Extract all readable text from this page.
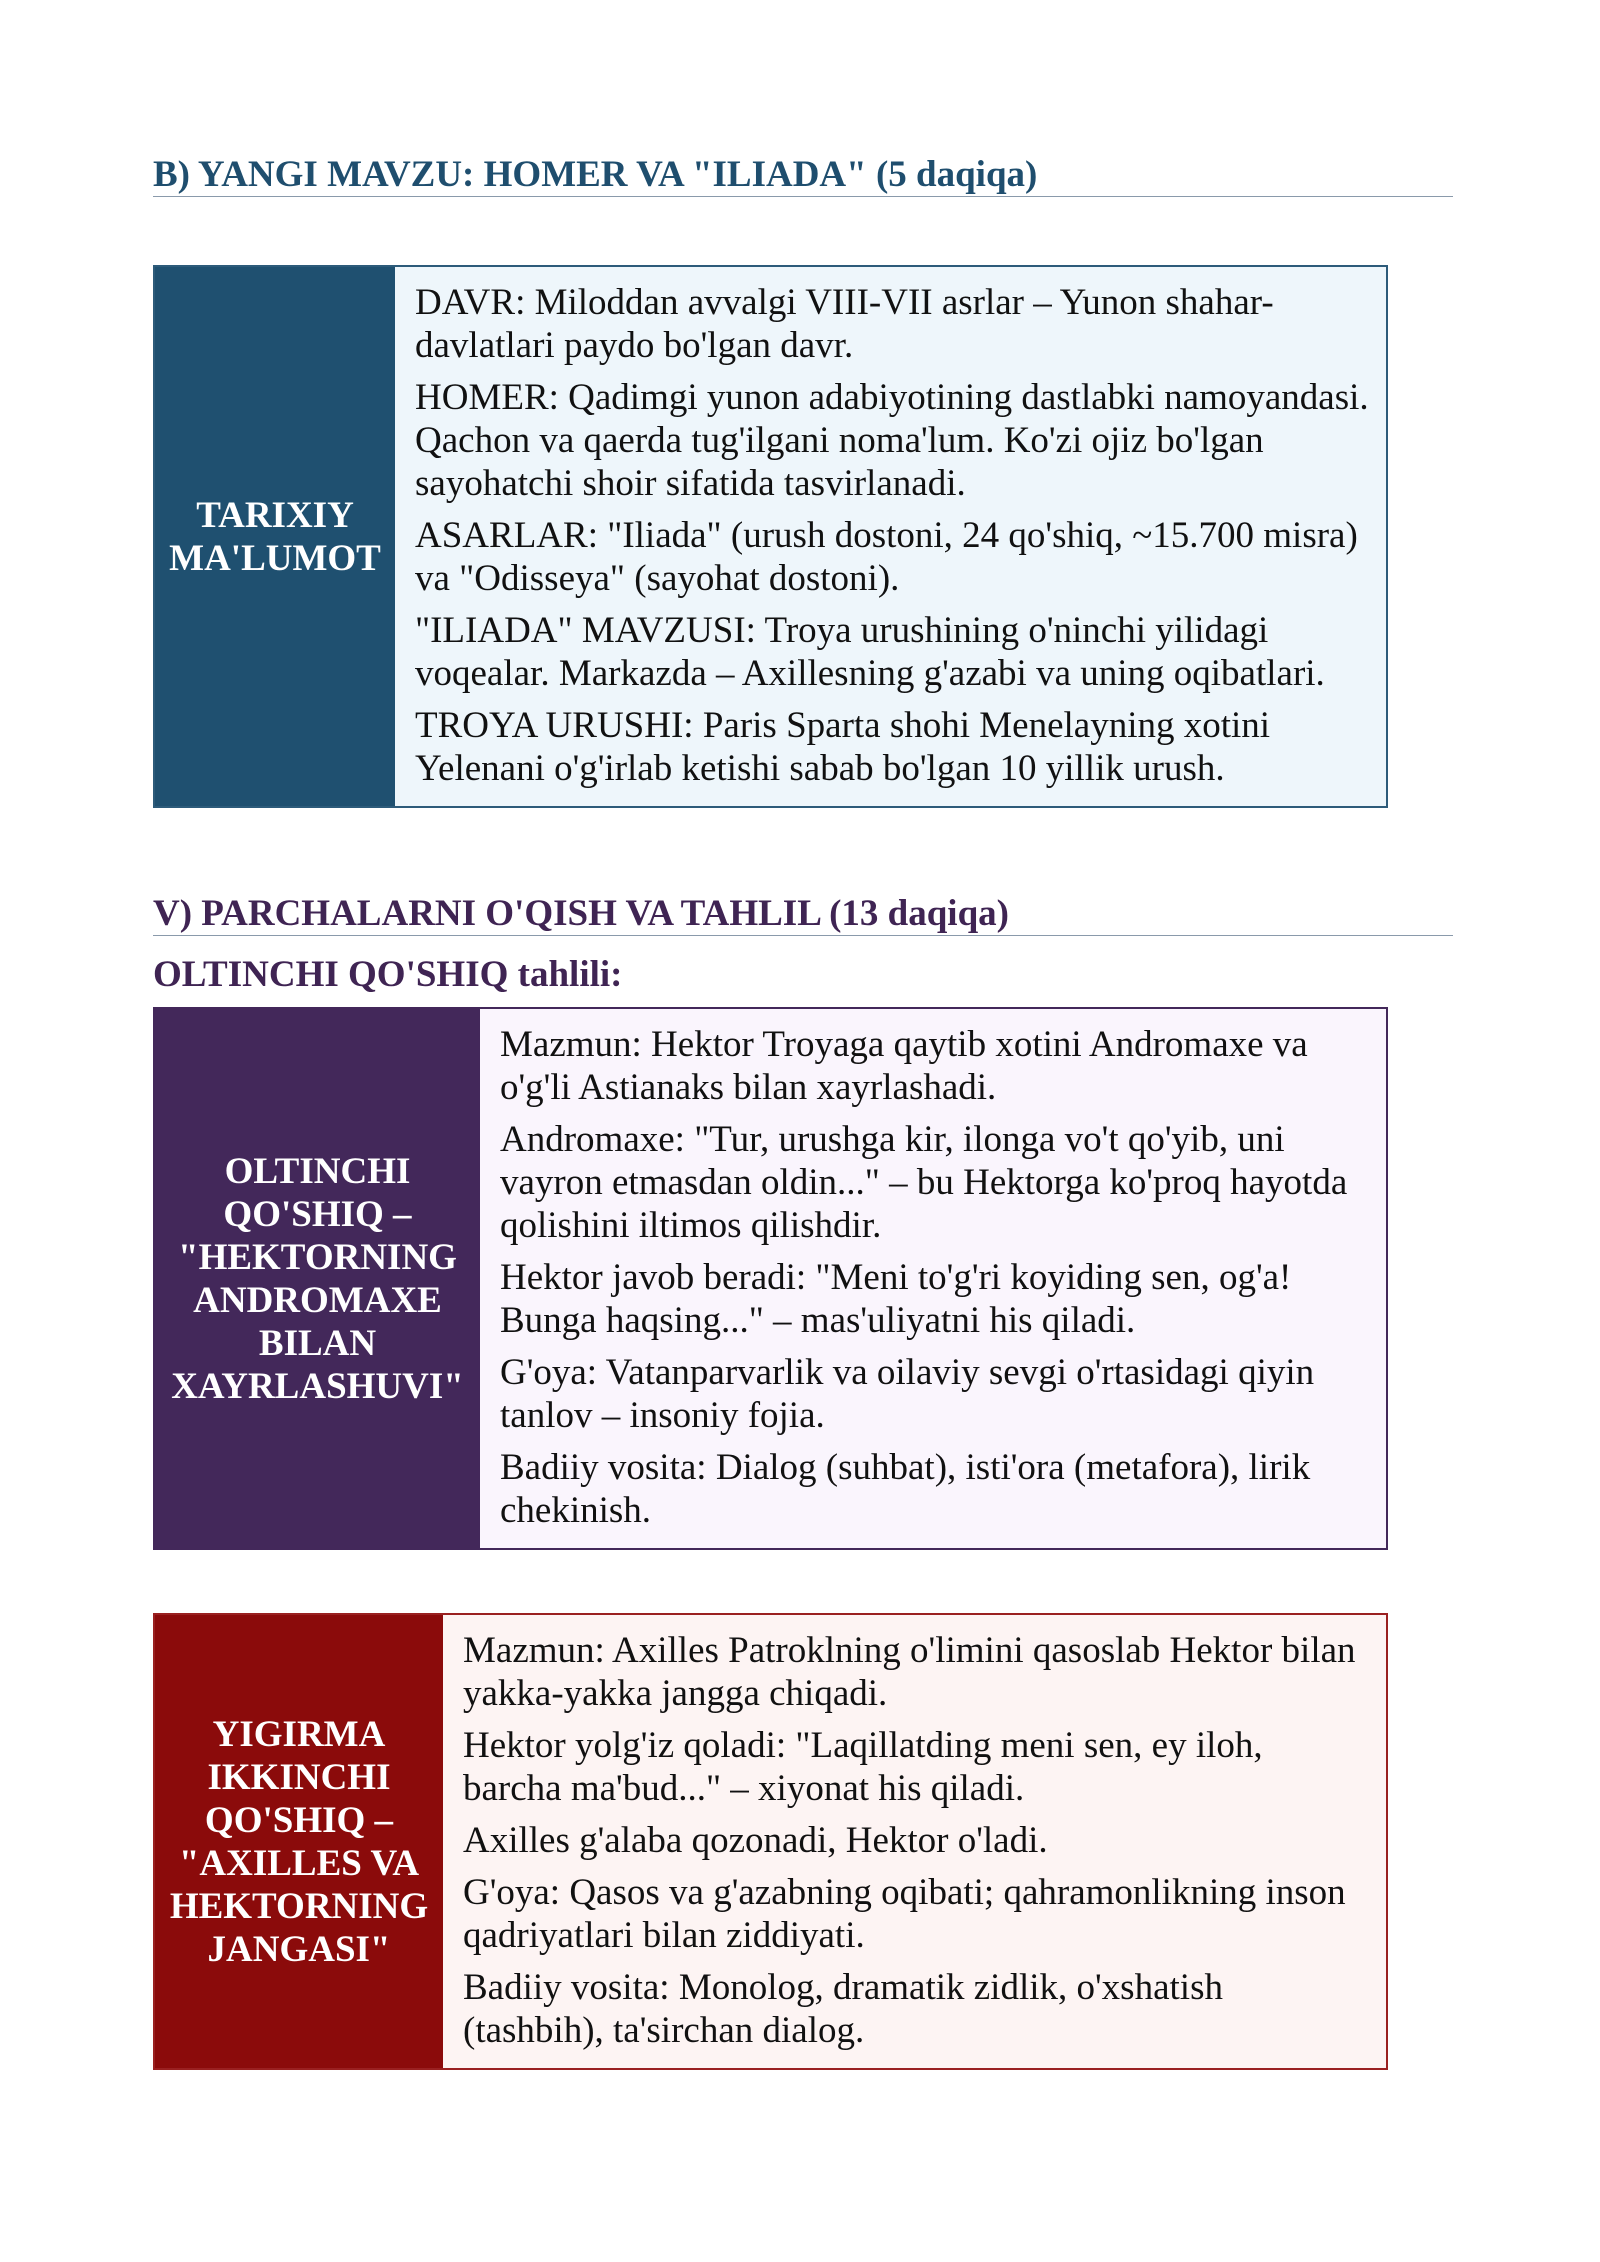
B) YANGI MAVZU: HOMER VA "ILIADA" (5 daqiqa)
TARIXIY MA'LUMOT

DAVR: Miloddan avvalgi VIII-VII asrlar – Yunon shahar-davlatlari paydo bo'lgan davr.

HOMER: Qadimgi yunon adabiyotining dastlabki namoyandasi. Qachon va qaerda tug'ilgani noma'lum. Ko'zi ojiz bo'lgan sayohatchi shoir sifatida tasvirlanadi.

ASARLAR: "Iliada" (urush dostoni, 24 qo'shiq, ~15.700 misra) va "Odisseya" (sayohat dostoni).

"ILIADA" MAVZUSI: Troya urushining o'ninchi yilidagi voqealar. Markazda – Axillesning g'azabi va uning oqibatlari.

TROYA URUSHI: Paris Sparta shohi Menelayning xotini Yelenani o'g'irlab ketishi sabab bo'lgan 10 yillik urush.

V) PARCHALARNI O'QISH VA TAHLIL (13 daqiqa)
OLTINCHI QO'SHIQ tahlili:
OLTINCHI QO'SHIQ – "HEKTORNING ANDROMAXE BILAN XAYRLASHUVI"

Mazmun: Hektor Troyaga qaytib xotini Andromaxe va o'g'li Astianaks bilan xayrlashadi.

Andromaxe: "Tur, urushga kir, ilonga vo't qo'yib, uni vayron etmasdan oldin..." – bu Hektorga ko'proq hayotda qolishini iltimos qilishdir.

Hektor javob beradi: "Meni to'g'ri koyiding sen, og'a! Bunga haqsing..." – mas'uliyatni his qiladi.

G'oya: Vatanparvarlik va oilaviy sevgi o'rtasidagi qiyin tanlov – insoniy fojia.

Badiiy vosita: Dialog (suhbat), isti'ora (metafora), lirik chekinish.

YIGIRMA IKKINCHI QO'SHIQ – "AXILLES VA HEKTORNING JANGASI"

Mazmun: Axilles Patroklning o'limini qasoslab Hektor bilan yakka-yakka jangga chiqadi.

Hektor yolg'iz qoladi: "Laqillatding meni sen, ey iloh, barcha ma'bud..." – xiyonat his qiladi.

Axilles g'alaba qozonadi, Hektor o'ladi.

G'oya: Qasos va g'azabning oqibati; qahramonlikning inson qadriyatlari bilan ziddiyati.

Badiiy vosita: Monolog, dramatik zidlik, o'xshatish (tashbih), ta'sirchan dialog.
